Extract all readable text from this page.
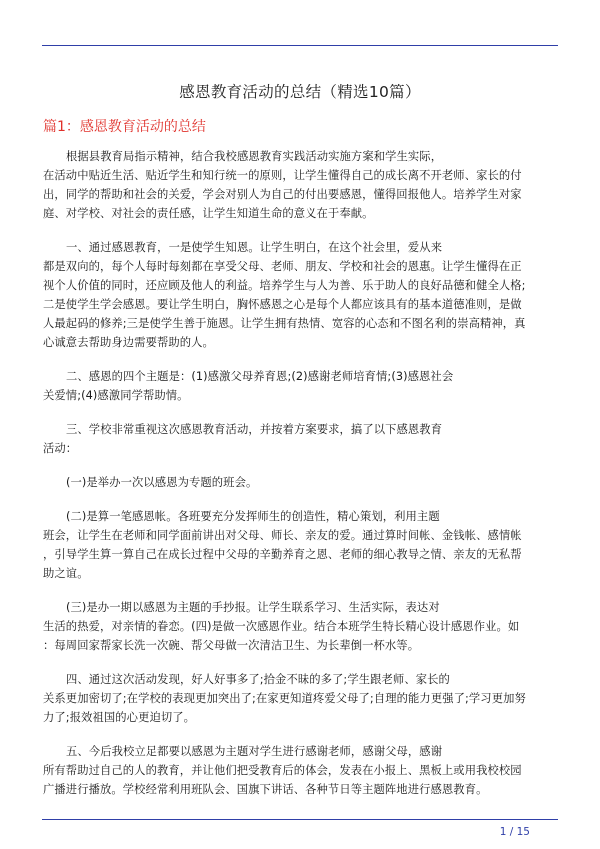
感恩教育活动的总结（精选10篇）
篇1：感恩教育活动的总结

根据县教育局指示精神，结合我校感恩教育实践活动实施方案和学生实际，
在活动中贴近生活、贴近学生和知行统一的原则，让学生懂得自己的成长离不开老师、家长的付
出，同学的帮助和社会的关爱，学会对别人为自己的付出要感恩，懂得回报他人。培养学生对家
庭、对学校、对社会的责任感，让学生知道生命的意义在于奉献。

一、通过感恩教育，一是使学生知恩。让学生明白，在这个社会里，爱从来
都是双向的，每个人每时每刻都在享受父母、老师、朋友、学校和社会的恩惠。让学生懂得在正
视个人价值的同时，还应顾及他人的利益。培养学生与人为善、乐于助人的良好品德和健全人格;
二是使学生学会感恩。要让学生明白，胸怀感恩之心是每个人都应该具有的基本道德准则，是做
人最起码的修养;三是使学生善于施恩。让学生拥有热情、宽容的心态和不图名利的崇高精神，真
心诚意去帮助身边需要帮助的人。

二、感恩的四个主题是：(1)感激父母养育恩;(2)感谢老师培育情;(3)感恩社会
关爱情;(4)感激同学帮助情。

三、学校非常重视这次感恩教育活动，并按着方案要求，搞了以下感恩教育
活动：

(一)是举办一次以感恩为专题的班会。

(二)是算一笔感恩帐。各班要充分发挥师生的创造性，精心策划，利用主题
班会，让学生在老师和同学面前讲出对父母、师长、亲友的爱。通过算时间帐、金钱帐、感情帐
，引导学生算一算自己在成长过程中父母的辛勤养育之恩、老师的细心教导之情、亲友的无私帮
助之谊。

(三)是办一期以感恩为主题的手抄报。让学生联系学习、生活实际，表达对
生活的热爱，对亲情的眷恋。(四)是做一次感恩作业。结合本班学生特长精心设计感恩作业。如
：每周回家帮家长洗一次碗、帮父母做一次清洁卫生、为长辈倒一杯水等。

四、通过这次活动发现，好人好事多了;拾金不昧的多了;学生跟老师、家长的
关系更加密切了;在学校的表现更加突出了;在家更知道疼爱父母了;自理的能力更强了;学习更加努
力了;报效祖国的心更迫切了。

五、今后我校立足都要以感恩为主题对学生进行感谢老师，感谢父母，感谢
所有帮助过自己的人的教育，并让他们把受教育后的体会，发表在小报上、黑板上或用我校校园
广播进行播放。学校经常利用班队会、国旗下讲话、各种节日等主题阵地进行感恩教育。

1 / 15
